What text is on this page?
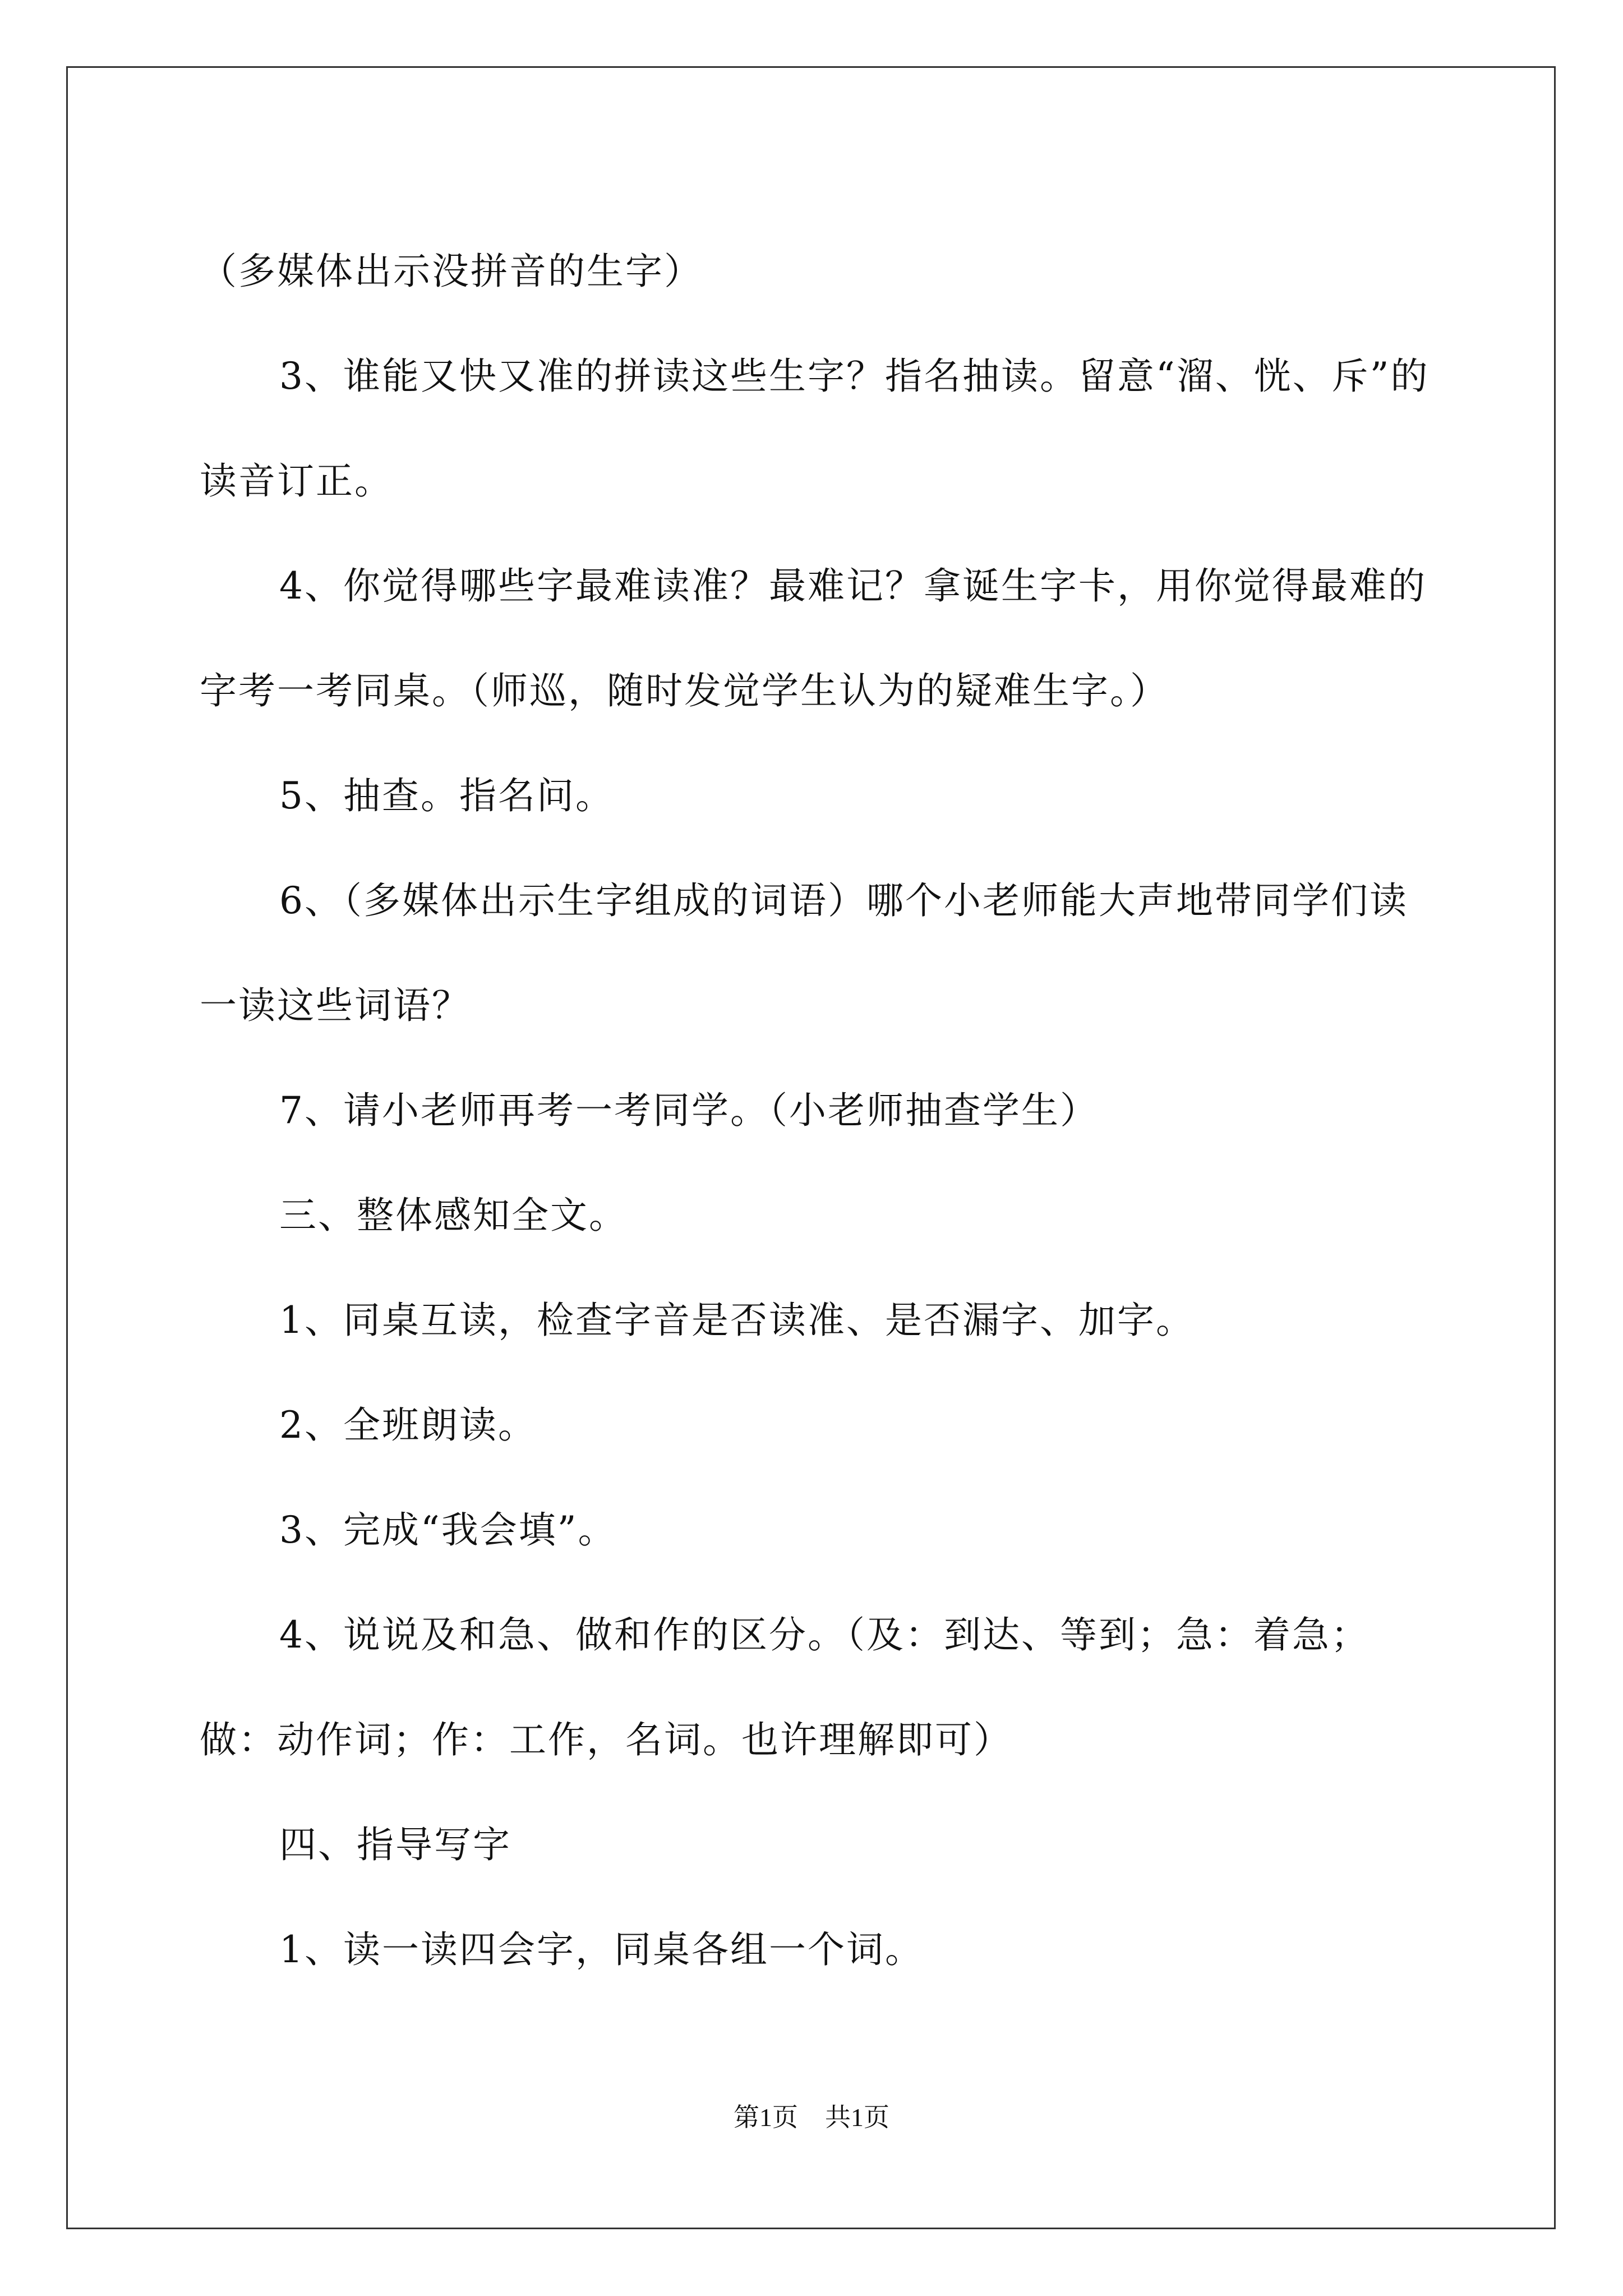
（多媒体出示没拼音的生字）

3、谁能又快又准的拼读这些生字？指名抽读。留意“溜、恍、斥”的读音订正。

4、你觉得哪些字最难读准？最难记？拿诞生字卡，用你觉得最难的字考一考同桌。（师巡，随时发觉学生认为的疑难生字。）

5、抽查。指名问。

6、（多媒体出示生字组成的词语）哪个小老师能大声地带同学们读一读这些词语？

7、请小老师再考一考同学。（小老师抽查学生）

三、整体感知全文。

1、同桌互读，检查字音是否读准、是否漏字、加字。

2、全班朗读。

3、完成“我会填”。

4、说说及和急、做和作的区分。（及：到达、等到；急：着急；做：动作词；作：工作，名词。也许理解即可）

四、指导写字

1、读一读四会字，同桌各组一个词。

第1页 共1页
